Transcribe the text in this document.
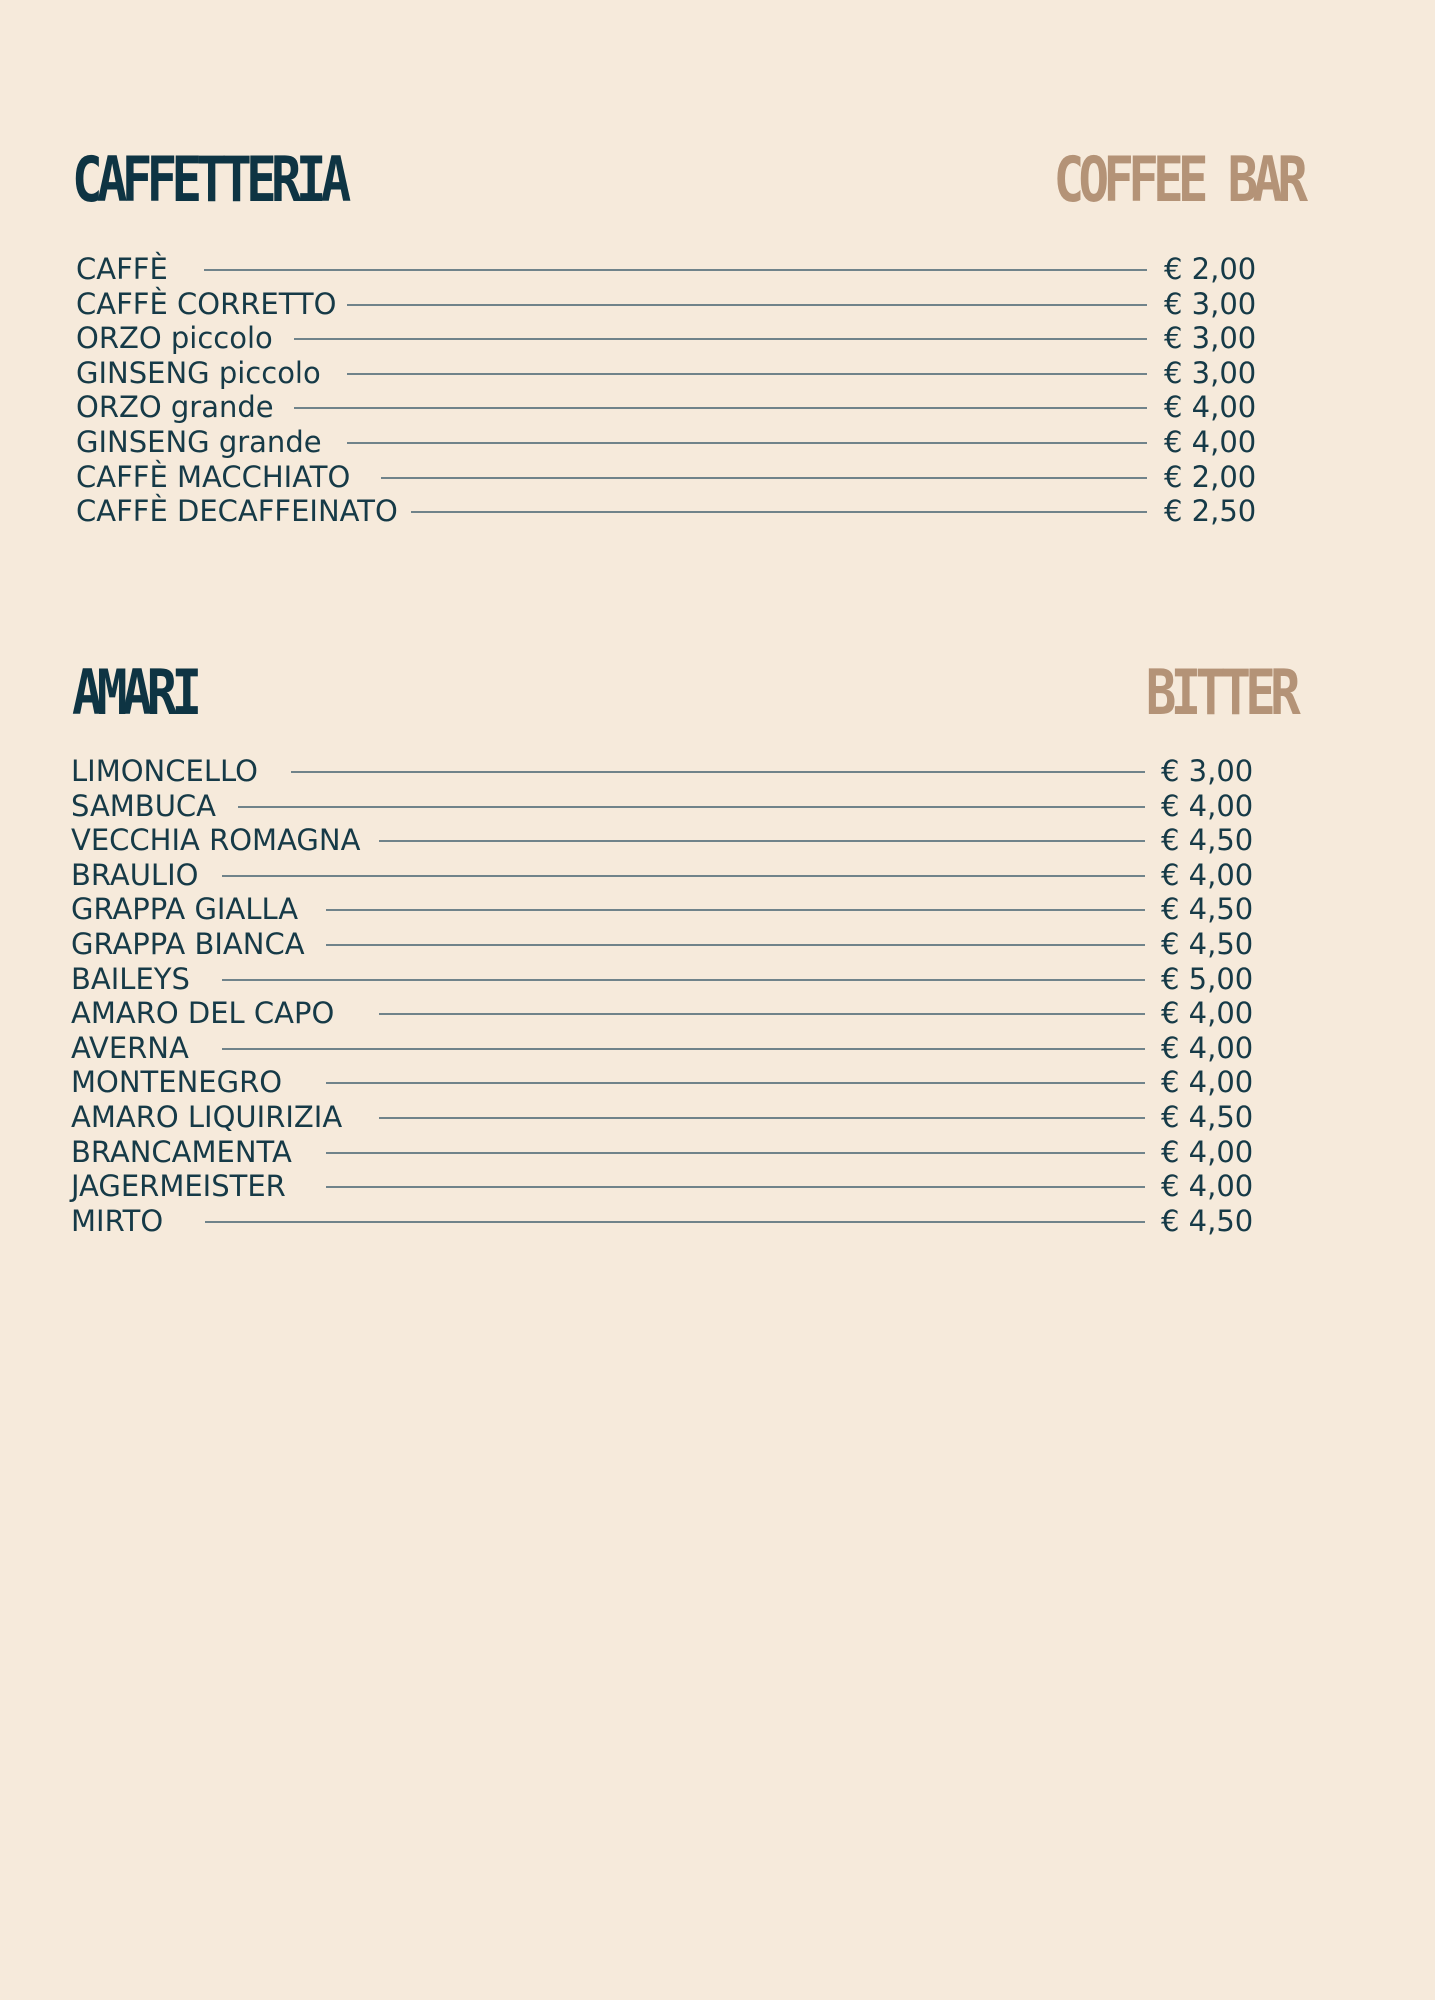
CAFFETTERIA	COFFEE BAR
CAFFÈ	€ 2,00
CAFFÈ CORRETTO	€ 3,00
ORZO piccolo	€ 3,00
GINSENG piccolo	€ 3,00
ORZO grande	€ 4,00
GINSENG grande	€ 4,00
CAFFÈ MACCHIATO	€ 2,00
CAFFÈ DECAFFEINATO	€ 2,50
AMARI	BITTER
LIMONCELLO	€ 3,00
SAMBUCA	€ 4,00
VECCHIA ROMAGNA	€ 4,50
BRAULIO	€ 4,00
GRAPPA GIALLA	€ 4,50
GRAPPA BIANCA	€ 4,50
BAILEYS	€ 5,00
AMARO DEL CAPO	€ 4,00
AVERNA	€ 4,00
MONTENEGRO	€ 4,00
AMARO LIQUIRIZIA	€ 4,50
BRANCAMENTA	€ 4,00
JAGERMEISTER	€ 4,00
MIRTO	€ 4,50
